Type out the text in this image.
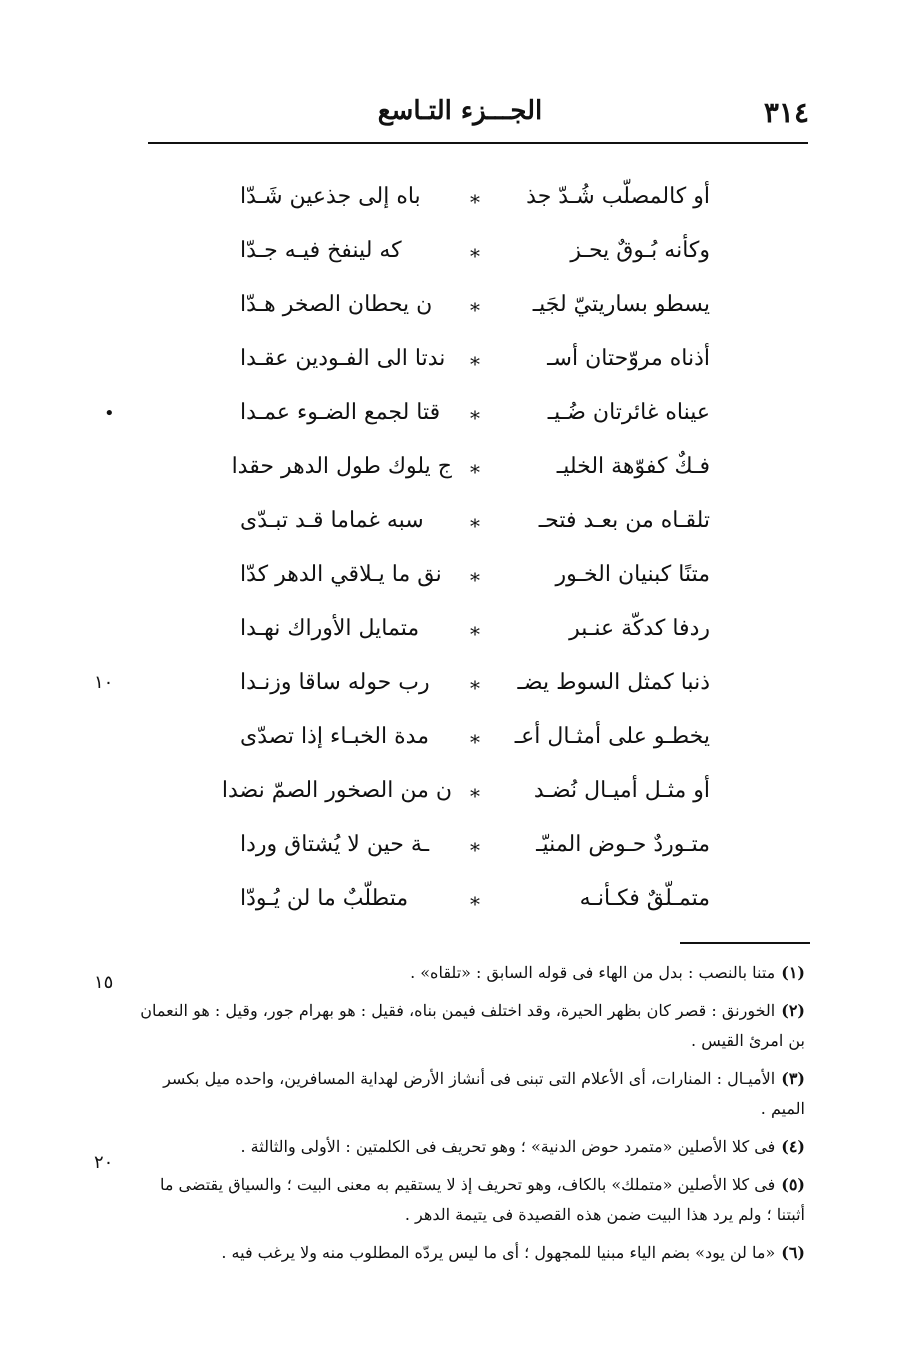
٣١٤
الجـــزء التـاسع
أو كالمصلّب شُـدّ جذ
*
باه إلى جذعين شَـدّا
وكأنه بُـوقٌ يحـز
*
كه لينفخ فيـه جـدّا
يسطو بساريتيّ لجَيـ
*
ن يحطان الصخر هـدّا
أذناه مروّحتان أسـ
*
ندتا الى الفـودين عقـدا
عيناه غائرتان ضُـيـ
*
قتا لجمع الضـوء عمـدا
فـكٌ كفوّهة الخليـ
*
ج يلوك طول الدهر حقدا
تلقـاه من بعـد فتحـ
*
سبه غماما قـد تبـدّى
متنًا كبنيان الخـور
*
نق ما يـلاقي الدهر كدّا
ردفا كدكّة عنـبر
*
متمايل الأوراك نهـدا
ذنبا كمثل السوط يضـ
*
رب حوله ساقا وزنـدا
يخطـو على أمثـال أعـ
*
مدة الخبـاء إذا تصدّى
أو مثـل أميـال نُضـد
*
ن من الصخور الصمّ نضدا
متـوردٌ حـوض المنيّـ
*
ـة حين لا يُشتاق وردا
متمـلّقٌ فكـأنـه
*
متطلّبٌ ما لن يُـودّا
•
١٠
١٥
٢٠
(١)متنا بالنصب : بدل من الهاء فى قوله السابق : «تلقاه» .
(٢)الخورنق : قصر كان بظهر الحيرة، وقد اختلف فيمن بناه، فقيل : هو بهرام جور، وقيل : هو النعمان بن امرئ القيس .
(٣)الأميـال : المنارات، أى الأعلام التى تبنى فى أنشاز الأرض لهداية المسافرين، واحده ميل بكسر الميم .
(٤)فى كلا الأصلين «متمرد حوض الدنية» ؛ وهو تحريف فى الكلمتين : الأولى والثالثة .
(٥)فى كلا الأصلين «متملك» بالكاف، وهو تحريف إذ لا يستقيم به معنى البيت ؛ والسياق يقتضى ما أثبتنا ؛ ولم يرد هذا البيت ضمن هذه القصيدة فى يتيمة الدهر .
(٦)«ما لن يود» بضم الياء مبنيا للمجهول ؛ أى ما ليس يردّه المطلوب منه ولا يرغب فيه .
